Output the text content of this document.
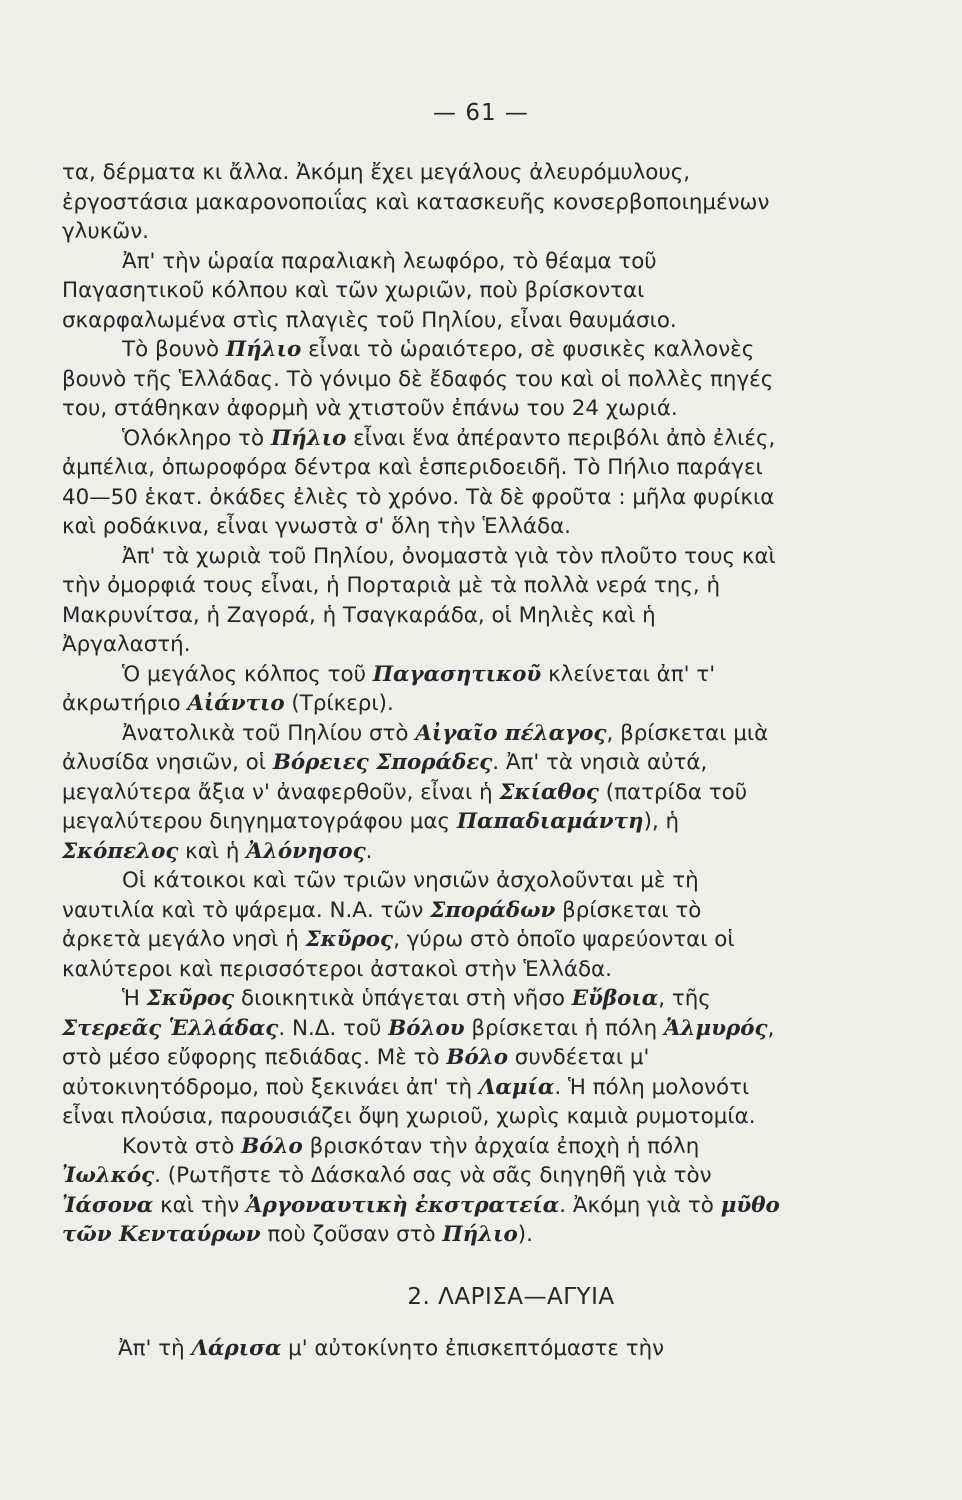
— 61 —

τα, δέρματα κι ἄλλα. Ἀκόμη ἔχει μεγάλους ἀλευρόμυλους, ἐργοστάσια μακαρονοποιΐας καὶ κατασκευῆς κονσερβοποιημένων γλυκῶν.

Ἀπ' τὴν ὡραία παραλιακὴ λεωφόρο, τὸ θέαμα τοῦ Παγασητικοῦ κόλπου καὶ τῶν χωριῶν, ποὺ βρίσκονται σκαρφαλωμένα στὶς πλαγιὲς τοῦ Πηλίου, εἶναι θαυμάσιο.

Τὸ βουνὸ Πήλιο εἶναι τὸ ὡραιότερο, σὲ φυσικὲς καλλονὲς βουνὸ τῆς Ἑλλάδας. Τὸ γόνιμο δὲ ἔδαφός του καὶ οἱ πολλὲς πηγές του, στάθηκαν ἀφορμὴ νὰ χτιστοῦν ἐπάνω του 24 χωριά.

Ὁλόκληρο τὸ Πήλιο εἶναι ἕνα ἀπέραντο περιβόλι ἀπὸ ἐλιές, ἀμπέλια, ὀπωροφόρα δέντρα καὶ ἑσπεριδοειδῆ. Τὸ Πήλιο παράγει 40—50 ἑκατ. ὀκάδες ἐλιὲς τὸ χρόνο. Τὰ δὲ φροῦτα : μῆλα φυρίκια καὶ ροδάκινα, εἶναι γνωστὰ σ' ὅλη τὴν Ἑλλάδα.

Ἀπ' τὰ χωριὰ τοῦ Πηλίου, ὀνομαστὰ γιὰ τὸν πλοῦτο τους καὶ τὴν ὀμορφιά τους εἶναι, ἡ Πορταριὰ μὲ τὰ πολλὰ νερά της, ἡ Μακρυνίτσα, ἡ Ζαγορά, ἡ Τσαγκαράδα, οἱ Μηλιὲς καὶ ἡ Ἀργαλαστή.

Ὁ μεγάλος κόλπος τοῦ Παγασητικοῦ κλείνεται ἀπ' τ' ἀκρωτήριο Αἰάντιο (Τρίκερι).

Ἀνατολικὰ τοῦ Πηλίου στὸ Αἰγαῖο πέλαγος, βρίσκεται μιὰ ἀλυσίδα νησιῶν, οἱ Βόρειες Σποράδες. Ἀπ' τὰ νησιὰ αὐτά, μεγαλύτερα ἄξια ν' ἀναφερθοῦν, εἶναι ἡ Σκίαθος (πατρίδα τοῦ μεγαλύτερου διηγηματογράφου μας Παπαδιαμάντη), ἡ Σκόπελος καὶ ἡ Ἀλόνησος.

Οἱ κάτοικοι καὶ τῶν τριῶν νησιῶν ἀσχολοῦνται μὲ τὴ ναυτιλία καὶ τὸ ψάρεμα. Ν.Α. τῶν Σποράδων βρίσκεται τὸ ἀρκετὰ μεγάλο νησὶ ἡ Σκῦρος, γύρω στὸ ὁποῖο ψαρεύονται οἱ καλύτεροι καὶ περισσότεροι ἀστακοὶ στὴν Ἑλλάδα.

Ἡ Σκῦρος διοικητικὰ ὑπάγεται στὴ νῆσο Εὔβοια, τῆς Στερεᾶς Ἑλλάδας. Ν.Δ. τοῦ Βόλου βρίσκεται ἡ πόλη Ἁλμυρός, στὸ μέσο εὔφορης πεδιάδας. Μὲ τὸ Βόλο συνδέεται μ' αὐτοκινητόδρομο, ποὺ ξεκινάει ἀπ' τὴ Λαμία. Ἡ πόλη μολονότι εἶναι πλούσια, παρουσιάζει ὄψη χωριοῦ, χωρὶς καμιὰ ρυμοτομία.

Κοντὰ στὸ Βόλο βρισκόταν τὴν ἀρχαία ἐποχὴ ἡ πόλη Ἰωλκός. (Ρωτῆστε τὸ Δάσκαλό σας νὰ σᾶς διηγηθῆ γιὰ τὸν Ἰάσονα καὶ τὴν Ἀργοναυτικὴ ἐκστρατεία. Ἀκόμη γιὰ τὸ μῦθο τῶν Κενταύρων ποὺ ζοῦσαν στὸ Πήλιο).

2. ΛΑΡΙΣΑ—ΑΓΥΙΑ
Ἀπ' τὴ Λάρισα μ' αὐτοκίνητο ἐπισκεπτόμαστε τὴν
